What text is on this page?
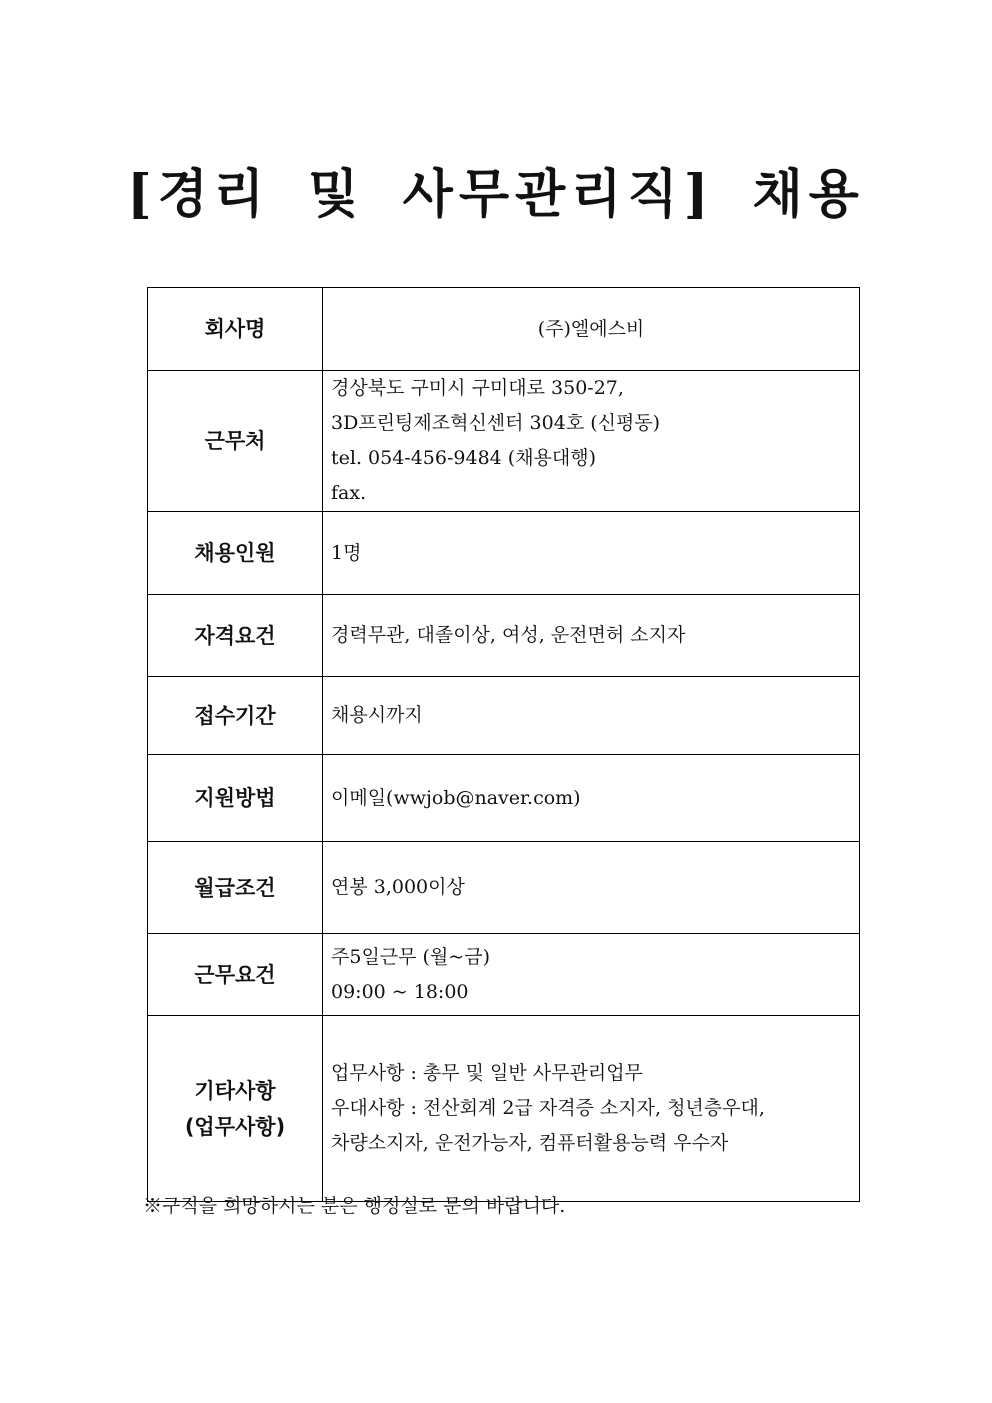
[경리 및 사무관리직] 채용
회사명	(주)엘에스비

근무처	경상북도 구미시 구미대로 350-27,
3D프린팅제조혁신센터 304호 (신평동)
tel. 054-456-9484 (채용대행)
fax.

채용인원	1명

자격요건	경력무관, 대졸이상, 여성, 운전면허 소지자

접수기간	채용시까지

지원방법	이메일(wwjob@naver.com)

월급조건	연봉 3,000이상

근무요건	주5일근무 (월~금)
09:00 ~ 18:00

기타사항
(업무사항)	업무사항 : 총무 및 일반 사무관리업무
우대사항 : 전산회계 2급 자격증 소지자, 청년층우대,
차량소지자, 운전가능자, 컴퓨터활용능력 우수자
※구직을 희망하시는 분은 행정실로 문의 바랍니다.
